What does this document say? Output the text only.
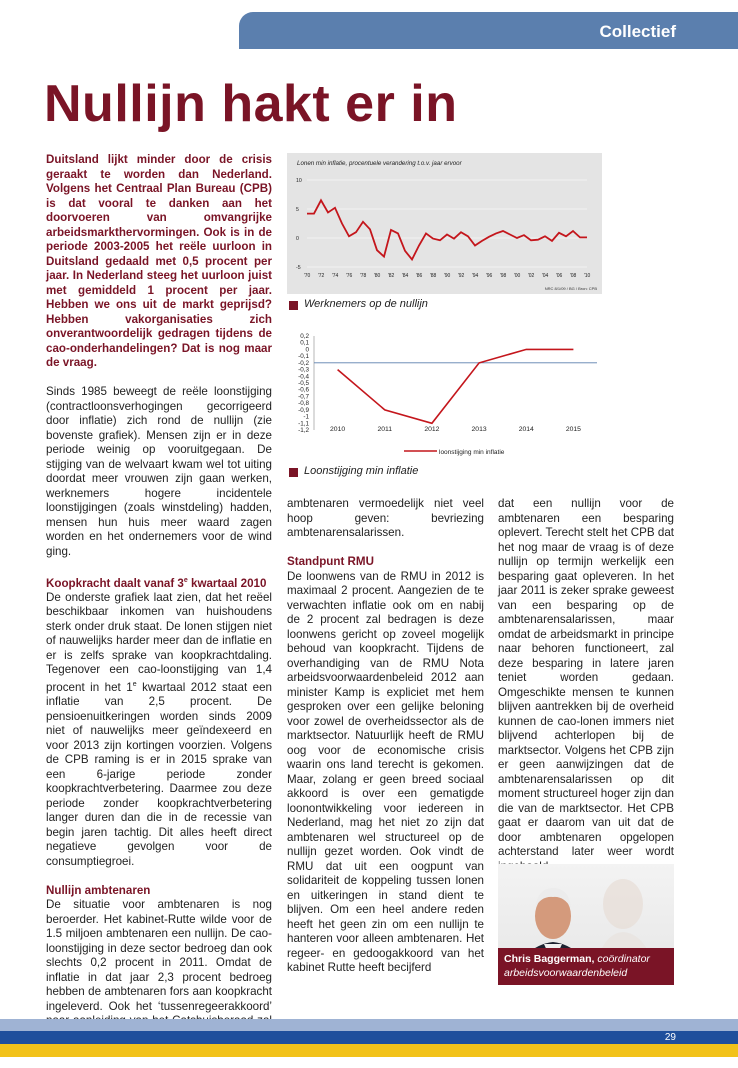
Collectief
Nullijn hakt er in

Duitsland lijkt minder door de crisis geraakt te worden dan Nederland. Volgens het Centraal Plan Bureau (CPB) is dat vooral te danken aan het doorvoeren van omvangrijke arbeidsmarkthervormingen. Ook is in de periode 2003-2005 het reële uurloon in Duitsland gedaald met 0,5 procent per jaar. In Nederland steeg het uurloon juist met gemiddeld 1 procent per jaar. Hebben we ons uit de markt geprijsd? Hebben vakorganisaties zich onverantwoordelijk gedragen tijdens de cao-onderhandelingen? Dat is nog maar de vraag.

Sinds 1985 beweegt de reële loonstijging (contractloonsverhogingen gecorrigeerd door inflatie) zich rond de nullijn (zie bovenste grafiek). Mensen zijn er in deze periode weinig op vooruitgegaan. De stijging van de welvaart kwam wel tot uiting doordat meer vrouwen zijn gaan werken, werknemers hogere incidentele loonstijgingen (zoals winstdeling) hadden, mensen hun huis meer waard zagen worden en het ondernemers voor de wind ging.

Koopkracht daalt vanaf 3e kwartaal 2010
De onderste grafiek laat zien, dat het reëel beschikbaar inkomen van huishoudens sterk onder druk staat. De lonen stijgen niet of nauwelijks harder meer dan de inflatie en er is zelfs sprake van koopkrachtdaling. Tegenover een cao-loonstijging van 1,4 procent in het 1e kwartaal 2012 staat een inflatie van 2,5 procent. De pensioenuitkeringen worden sinds 2009 niet of nauwelijks meer geïndexeerd en voor 2013 zijn kortingen voorzien. Volgens de CPB raming is er in 2015 sprake van een 6-jarige periode zonder koopkrachtverbetering. Daarmee zou deze periode zonder koopkrachtverbetering langer duren dan die in de recessie van begin jaren tachtig. Dit alles heeft direct negatieve gevolgen voor de consumptiegroei.

Nullijn ambtenaren
De situatie voor ambtenaren is nog beroerder. Het kabinet-Rutte wilde voor de 1.5 miljoen ambtenaren een nullijn. De cao-loonstijging in deze sector bedroeg dan ook slechts 0,2 procent in 2011. Omdat de inflatie in dat jaar 2,3 procent bedroeg hebben de ambtenaren fors aan koopkracht ingeleverd. Ook het ‘tussenregeerakkoord’

Lonen min inflatie, procentuele verandering t.o.v. jaar ervoor
10
5
0
-5
'70 '72 '74 '76 '78 '80 '82 '84 '86 '88 '90 '92 '94 '96 '98 '00 '02 '04 '06 '08 '10
NRC 8/1/09 / BG / Bron: CPB
Werknemers op de nullijn
0,2
0,1
0
-0,1
-0,2
-0,3
-0,4
-0,5
-0,6
-0,7
-0,8
-0,9
-1
-1,1
-1,2	2010	2011	2012	2013	2014	2015
loonstijging min inflatie
Loonstijging min inflatie

ambtenaren vermoedelijk niet veel hoop geven: bevriezing ambtenarensalarissen.

Standpunt RMU
De loonwens van de RMU in 2012 is maximaal 2 procent. Aangezien de te verwachten inflatie ook om en nabij de 2 procent zal bedragen is deze loonwens gericht op zoveel mogelijk behoud van koopkracht. Tijdens de overhandiging van de RMU Nota arbeidsvoorwaardenbeleid 2012 aan minister Kamp is expliciet met hem gesproken over een gelijke beloning voor zowel de overheidssector als de marktsector. Natuurlijk heeft de RMU oog voor de economische crisis waarin ons land terecht is gekomen. Maar, zolang er geen breed sociaal akkoord is over een gematigde loonontwikkeling voor iedereen in Nederland, mag het niet zo zijn dat ambtenaren wel structureel op de nullijn gezet worden. Ook vindt de RMU dat uit een oogpunt van solidariteit de koppeling tussen lonen en uitkeringen in stand dient te blijven. Om een heel andere reden heeft het geen zin om een nullijn te hanteren voor alleen ambtenaren. Het regeer- en gedoogakkoord van het kabinet Rutte heeft becijferd

dat een nullijn voor de ambtenaren een besparing oplevert. Terecht stelt het CPB dat het nog maar de vraag is of deze nullijn op termijn werkelijk een besparing gaat opleveren. In het jaar 2011 is zeker sprake geweest van een besparing op de ambtenarensalarissen, maar omdat de arbeidsmarkt in principe naar behoren functioneert, zal deze besparing in latere jaren teniet worden gedaan. Omgeschikte mensen te kunnen blijven aantrekken bij de overheid kunnen de cao-lonen immers niet blijvend achterlopen bij de marktsector. Volgens het CPB zijn er geen aanwijzingen dat de ambtenarensalarissen op dit moment structureel hoger zijn dan die van de marktsector. Het CPB gaat er daarom van uit dat de door ambtenaren opgelopen achterstand later weer wordt

Chris Baggerman, coördinator
arbeidsvoorwaardenbeleid
29
